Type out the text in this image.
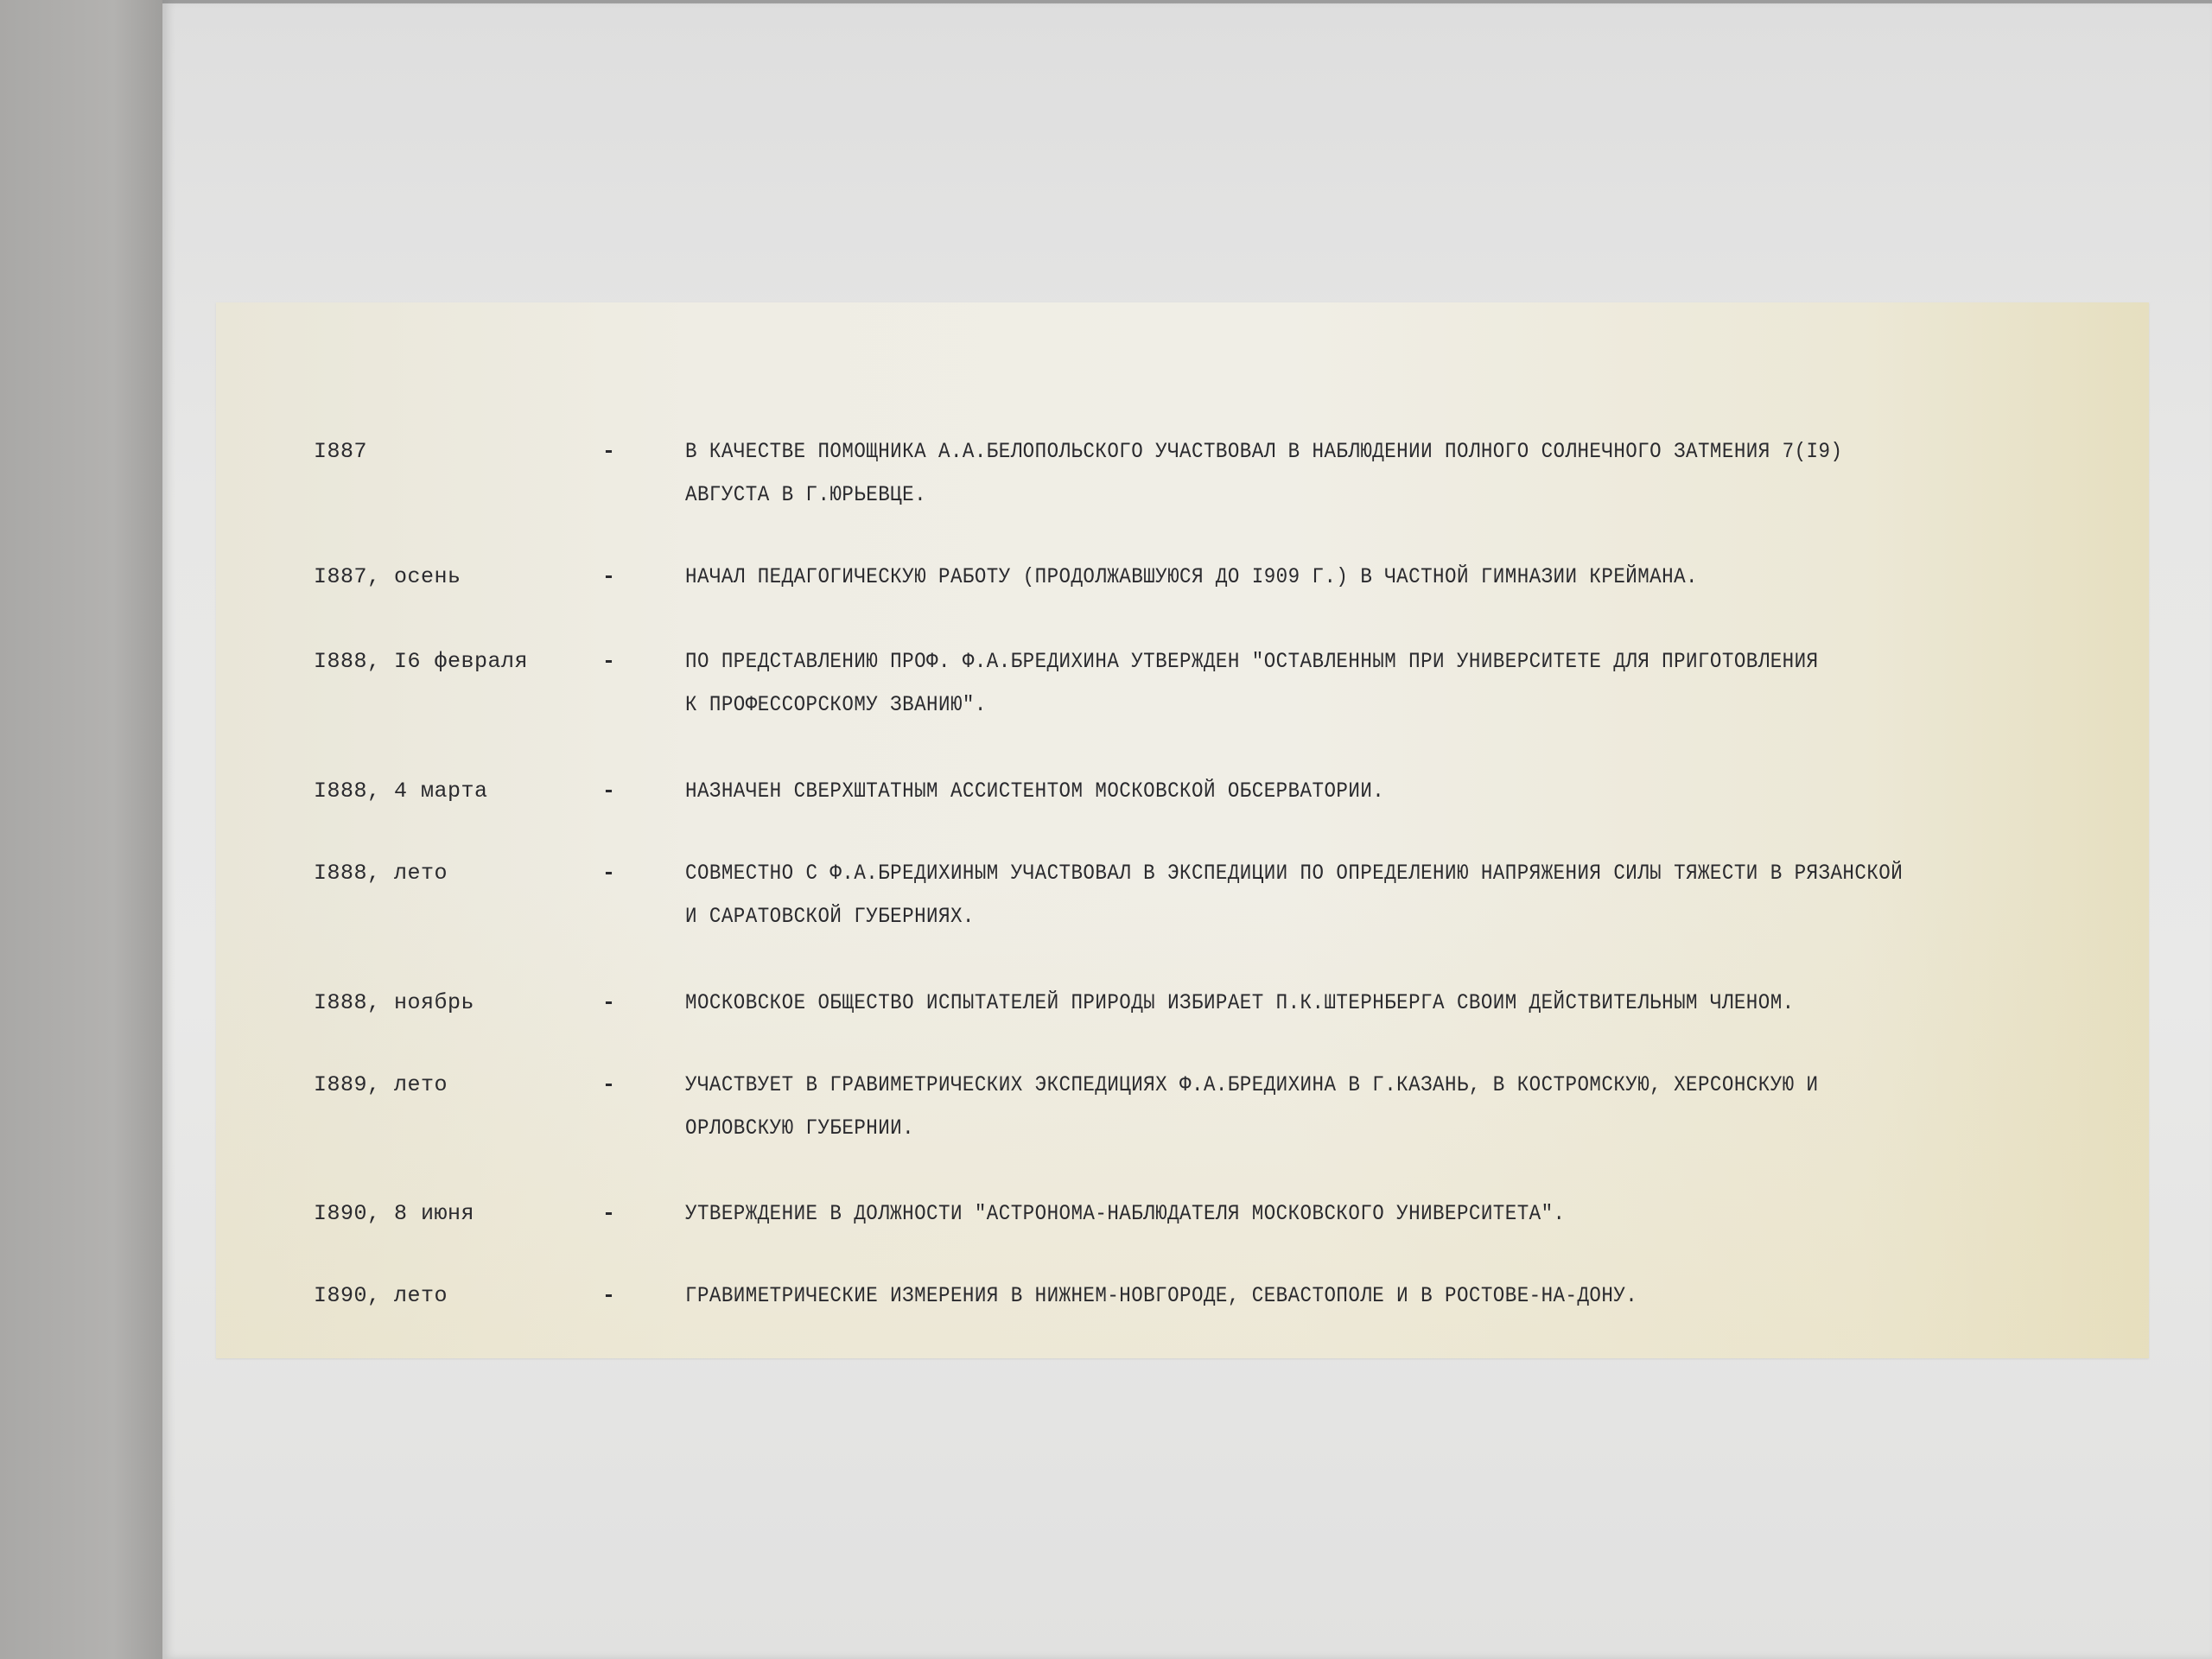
I887	-	В КАЧЕСТВЕ ПОМОЩНИКА А.А.БЕЛОПОЛЬСКОГО УЧАСТВОВАЛ В НАБЛЮДЕНИИ ПОЛНОГО СОЛНЕЧНОГО ЗАТМЕНИЯ 7(I9)
АВГУСТА В Г.ЮРЬЕВЦЕ.
I887, осень	-	НАЧАЛ ПЕДАГОГИЧЕСКУЮ РАБОТУ (ПРОДОЛЖАВШУЮСЯ ДО I909 Г.) В ЧАСТНОЙ ГИМНАЗИИ КРЕЙМАНА.
I888, I6 февраля	-	ПО ПРЕДСТАВЛЕНИЮ ПРОФ. Ф.А.БРЕДИХИНА УТВЕРЖДЕН "ОСТАВЛЕННЫМ ПРИ УНИВЕРСИТЕТЕ ДЛЯ ПРИГОТОВЛЕНИЯ
К ПРОФЕССОРСКОМУ ЗВАНИЮ".
I888, 4 марта	-	НАЗНАЧЕН СВЕРХШТАТНЫМ АССИСТЕНТОМ МОСКОВСКОЙ ОБСЕРВАТОРИИ.
I888, лето	-	СОВМЕСТНО С Ф.А.БРЕДИХИНЫМ УЧАСТВОВАЛ В ЭКСПЕДИЦИИ ПО ОПРЕДЕЛЕНИЮ НАПРЯЖЕНИЯ СИЛЫ ТЯЖЕСТИ В РЯЗАНСКОЙ
И САРАТОВСКОЙ ГУБЕРНИЯХ.
I888, ноябрь	-	МОСКОВСКОЕ ОБЩЕСТВО ИСПЫТАТЕЛЕЙ ПРИРОДЫ ИЗБИРАЕТ П.К.ШТЕРНБЕРГА СВОИМ ДЕЙСТВИТЕЛЬНЫМ ЧЛЕНОМ.
I889, лето	-	УЧАСТВУЕТ В ГРАВИМЕТРИЧЕСКИХ ЭКСПЕДИЦИЯХ Ф.А.БРЕДИХИНА В Г.КАЗАНЬ, В КОСТРОМСКУЮ, ХЕРСОНСКУЮ И
ОРЛОВСКУЮ ГУБЕРНИИ.
I890, 8 июня	-	УТВЕРЖДЕНИЕ В ДОЛЖНОСТИ "АСТРОНОМА-НАБЛЮДАТЕЛЯ МОСКОВСКОГО УНИВЕРСИТЕТА".
I890, лето	-	ГРАВИМЕТРИЧЕСКИЕ ИЗМЕРЕНИЯ В НИЖНЕМ-НОВГОРОДЕ, СЕВАСТОПОЛЕ И В РОСТОВЕ-НА-ДОНУ.
